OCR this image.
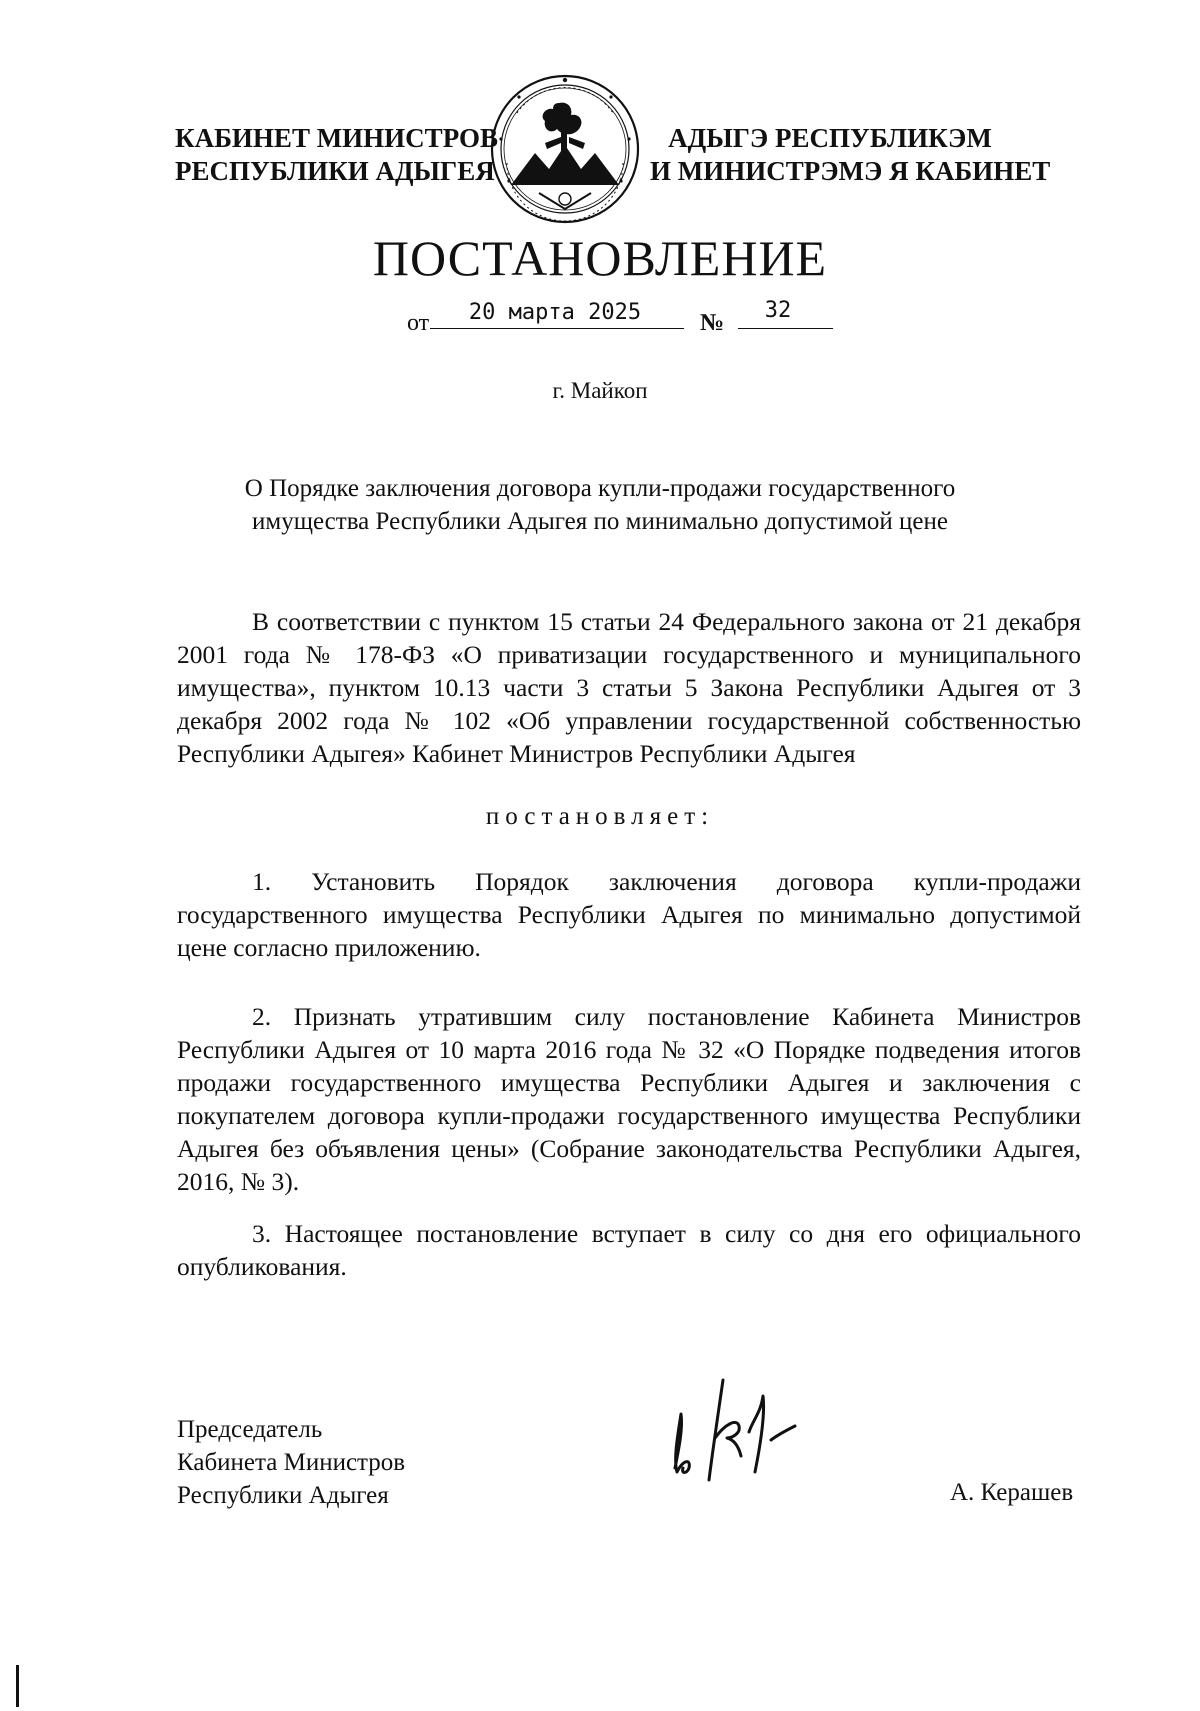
КАБИНЕТ МИНИСТРОВ
РЕСПУБЛИКИ АДЫГЕЯ
АДЫГЭ РЕСПУБЛИКЭМ
И МИНИСТРЭМЭ Я КАБИНЕТ
ПОСТАНОВЛЕНИЕ
от	20 марта 2025	№	32
г. Майкоп
О Порядке заключения договора купли-продажи государственного
имущества Республики Адыгея по минимально допустимой цене
В соответствии с пунктом 15 статьи 24 Федерального закона от 21 декабря 2001 года № 178-ФЗ «О приватизации государственного и муниципального имущества», пунктом 10.13 части 3 статьи 5 Закона Республики Адыгея от 3 декабря 2002 года № 102 «Об управлении государственной собственностью Республики Адыгея» Кабинет Министров Республики Адыгея
постановляет:
1. Установить Порядок заключения договора купли-продажи государственного имущества Республики Адыгея по минимально допустимой цене согласно приложению.
2. Признать утратившим силу постановление Кабинета Министров Республики Адыгея от 10 марта 2016 года № 32 «О Порядке подведения итогов продажи государственного имущества Республики Адыгея и заключения с покупателем договора купли-продажи государственного имущества Республики Адыгея без объявления цены» (Собрание законодательства Республики Адыгея, 2016, № 3).
3. Настоящее постановление вступает в силу со дня его официального опубликования.
Председатель
Кабинета Министров
Республики Адыгея	А. Керашев
